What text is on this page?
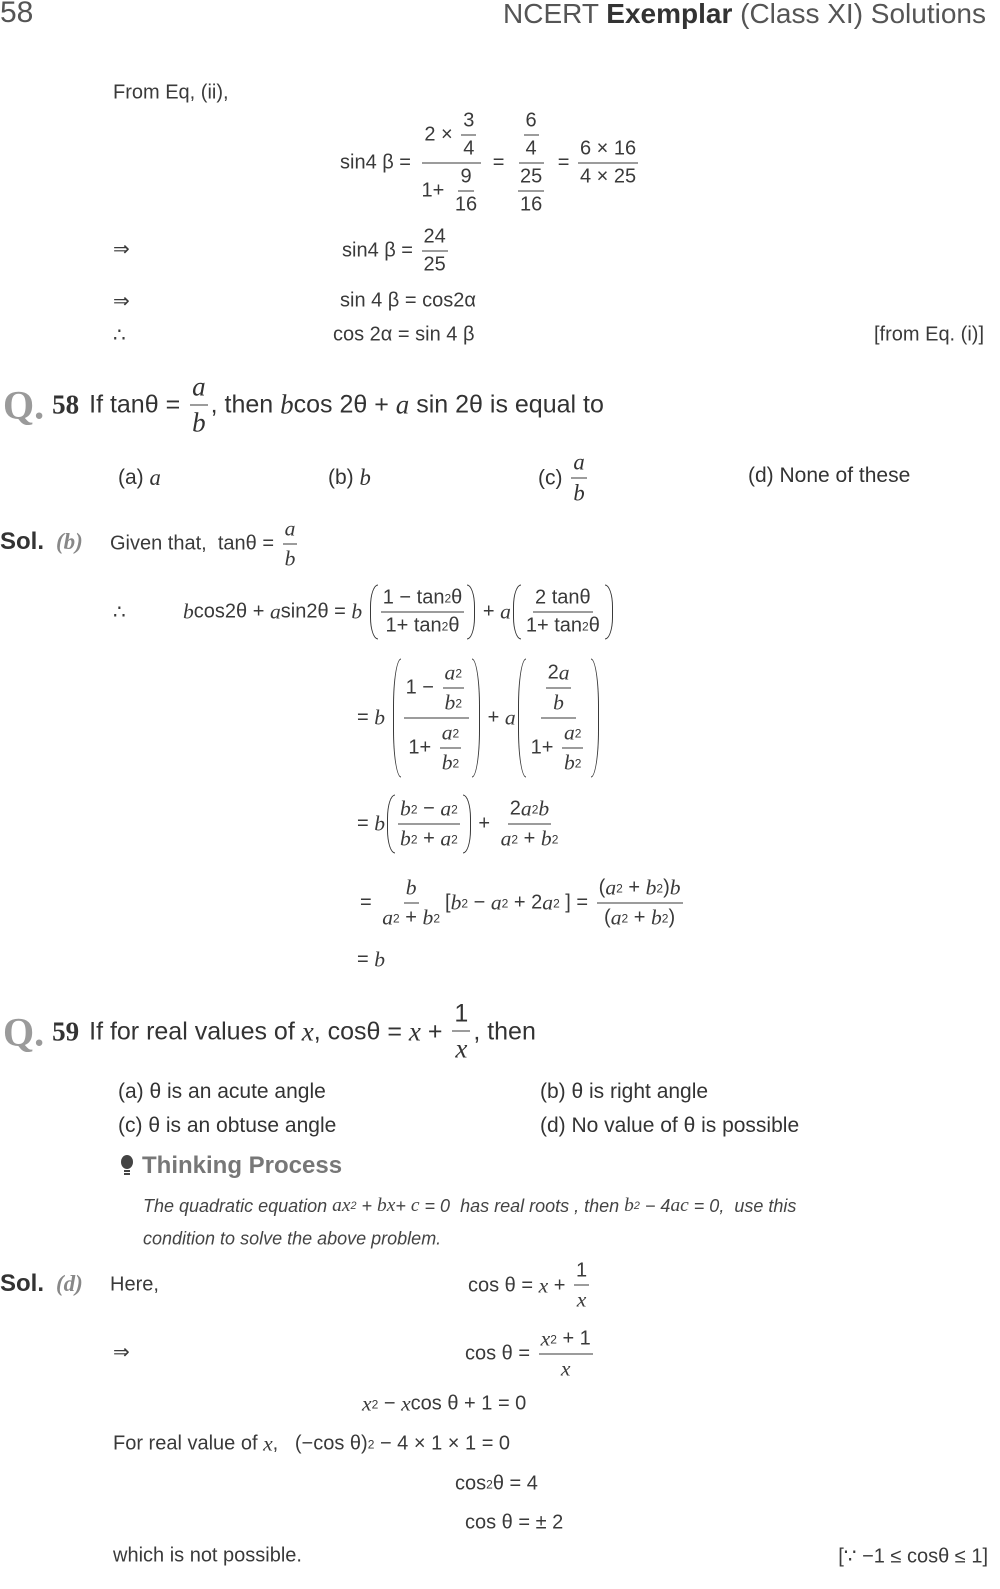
58	NCERT Exemplar (Class XI) Solutions
From Eq, (ii),
sin4 $\beta = \frac{2 \times \frac{3}{4}}{1+ \frac{9}{16}} = \frac{\frac{6}{4}}{\frac{25}{16}} = \frac{6 \times 16}{4 \times 25}$
⇒	sin4 $\beta = \frac{24}{25}$
⇒	sin 4 β = cos2α
∴	cos 2α = sin 4 β	[from Eq. (i)]
Q. 58 If $\tan\theta = \frac{a}{b}$ , then b cos 2θ + a sin 2θ is equal to
(a) a	(b) b	$(c) \frac{a}{b}$	(d) None of these
Sol. (b) Given that,  $\tan\theta = \frac{a}{b}$
∴	b cos2θ + a sin2θ = b
$\frac{1 - \tan 2 \theta}{1+ \tan 2 \theta} + a \frac{2 \tan\theta}{1+ \tan 2 \theta}$
= b
$\frac{1 - \frac{a 2}{b 2}}{1+ \frac{a 2}{b 2}} + a \frac{\frac{2 a}{b}}{1+ \frac{a 2}{b 2}}$
= b $\frac{b 2 - a 2}{b 2 + a 2} + \frac{2 a 2 b}{a 2 + b 2}$
= $\frac{b}{a 2 + b 2}$ [ b 2 − a 2 + 2 a 2 ] = $\frac{( a 2 + b 2 ) b}{( a 2 + b 2 )}$
= b
Q. 59 If for real values of x , $\cos\theta = x + \frac{1}{x}$ , then
(a) θ is an acute angle	(b) θ is right angle
(c) θ is an obtuse angle	(d) No value of θ is possible
Thinking Process
The quadratic equation ax 2 + bx + c = 0  has real roots , then b 2 − 4 ac = 0,  use this
condition to solve the above problem.
Sol. (d) Here,	$\cos \theta = x + \frac{1}{x}$
⇒	$\cos \theta = \frac{x 2 + 1}{x}$
x 2 − x cos θ + 1 = 0
For real value of x ,   (−cos θ) 2 − 4 × 1 × 1 = 0
cos 2 θ = 4
cos θ = ± 2
which is not possible.	[∵ −1 ≤ cosθ ≤ 1]
